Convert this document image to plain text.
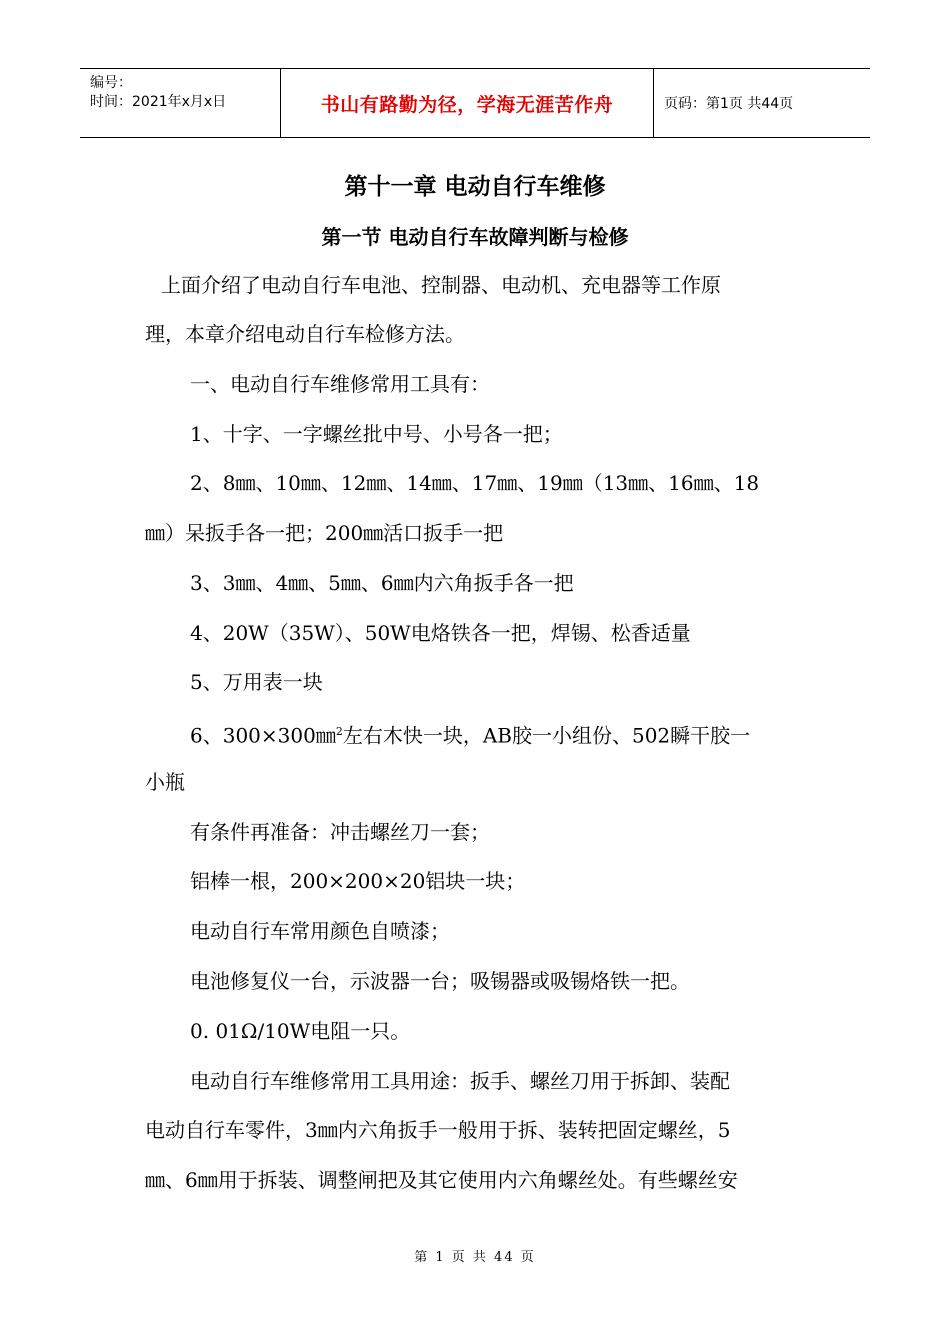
编号：
时间：2021年x月x日	书山有路勤为径，学海无涯苦作舟	页码：第1页 共44页
第十一章 电动自行车维修
第一节 电动自行车故障判断与检修
上面介绍了电动自行车电池、控制器、电动机、充电器等工作原
理，本章介绍电动自行车检修方法。
一、电动自行车维修常用工具有：
1、十字、一字螺丝批中号、小号各一把；
2、8㎜、10㎜、12㎜、14㎜、17㎜、19㎜（13㎜、16㎜、18
㎜）呆扳手各一把；200㎜活口扳手一把
3、3㎜、4㎜、5㎜、6㎜内六角扳手各一把
4、20W（35W）、50W电烙铁各一把，焊锡、松香适量
5、万用表一块
6、300×300㎜$^2$左右木快一块，AB胶一小组份、502瞬干胶一
小瓶
有条件再准备：冲击螺丝刀一套；
铝棒一根，200×200×20铝块一块；
电动自行车常用颜色自喷漆；
电池修复仪一台，示波器一台；吸锡器或吸锡烙铁一把。
0. 01Ω/10W电阻一只。
电动自行车维修常用工具用途：扳手、螺丝刀用于拆卸、装配
电动自行车零件，3㎜内六角扳手一般用于拆、装转把固定螺丝，5
㎜、6㎜用于拆装、调整闸把及其它使用内六角螺丝处。有些螺丝安
第 1 页 共 44 页
